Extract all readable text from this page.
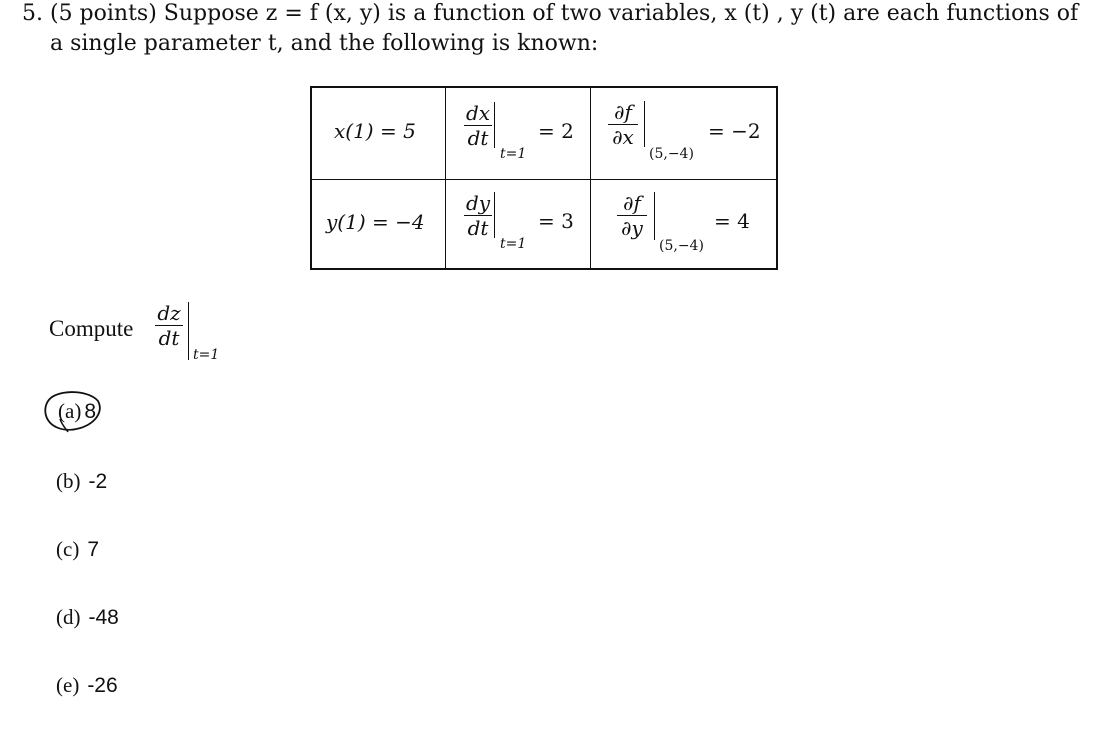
5. (5 points) Suppose z = f (x, y) is a function of two variables, x (t) , y (t) are each functions of
a single parameter t, and the following is known:
x(1) = 5
dx
dt
t=1
= 2
∂f
∂x
(5,−4)
= −2
y(1) = −4
dy
dt
t=1
= 3
∂f
∂y
(5,−4)
= 4
Compute
dz
dt
t=1
(a) 8
(b) -2
(c) 7
(d) -48
(e) -26
